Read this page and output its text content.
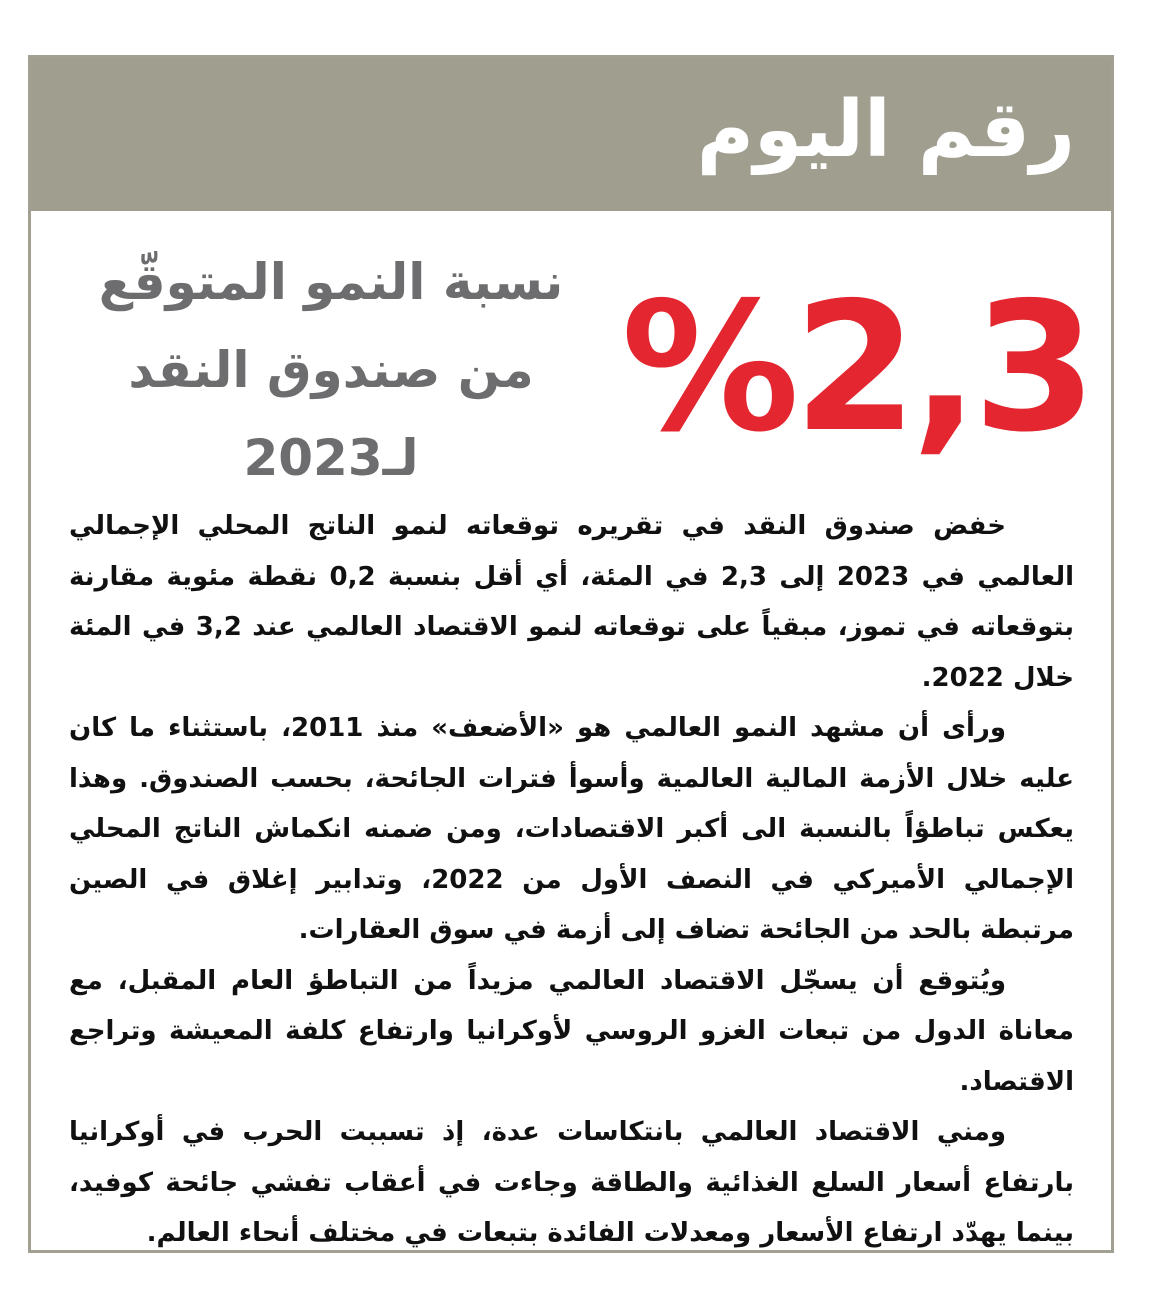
رقم اليوم
%2,3
نسبة النمو المتوقّع
من صندوق النقد
لـ2023

خفض صندوق النقد في تقريره توقعاته لنمو الناتج المحلي الإجمالي العالمي في 2023 إلى 2,3 في المئة، أي أقل بنسبة 0,2 نقطة مئوية مقارنة بتوقعاته في تموز، مبقياً على توقعاته لنمو الاقتصاد العالمي عند 3,2 في المئة خلال 2022.

ورأى أن مشهد النمو العالمي هو «الأضعف» منذ 2011، باستثناء ما كان عليه خلال الأزمة المالية العالمية وأسوأ فترات الجائحة، بحسب الصندوق. وهذا يعكس تباطؤاً بالنسبة الى أكبر الاقتصادات، ومن ضمنه انكماش الناتج المحلي الإجمالي الأميركي في النصف الأول من 2022، وتدابير إغلاق في الصين مرتبطة بالحد من الجائحة تضاف إلى أزمة في سوق العقارات.

ويُتوقع أن يسجّل الاقتصاد العالمي مزيداً من التباطؤ العام المقبل، مع معاناة الدول من تبعات الغزو الروسي لأوكرانيا وارتفاع كلفة المعيشة وتراجع الاقتصاد.

ومني الاقتصاد العالمي بانتكاسات عدة، إذ تسببت الحرب في أوكرانيا بارتفاع أسعار السلع الغذائية والطاقة وجاءت في أعقاب تفشي جائحة كوفيد، بينما يهدّد ارتفاع الأسعار ومعدلات الفائدة بتبعات في مختلف أنحاء العالم.
